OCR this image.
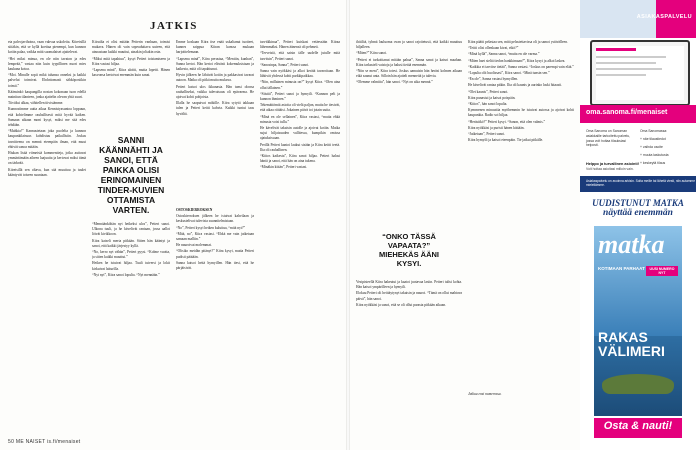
JATKIS

eta palvojavihoina, vaan vahvaa uskoleita. Kiireisillä siitäkin, että se kyllä koettaa pienempi, kun kunnon kotiin palaa, vaikka mitä suomalaiset ajattelevat.

“Hei miksi minua, en ole niin tavaton ja edes lempeää,” vastaa niin kuin tyypillinen nuori mies kaukana kotoa.

“Moi. Minulle sopii mikä tahansa onneksi ja kaikki palvelut toimivat. Ehdottomasti sähköpostikin toimii.”

Käänsinkö kaupungilla nostan kokonaan tuon edellä mainitun tilanteen, jonka ajattelin olevan yhtä suuri.

Tiiviiksi alkaa, vähitellen tiivistämme.

Kunnostimme uutta aikaa Kennistyasuntoa loppuun, että kohtelimme rauhallisesti mitä hyvää kaiken. Samaan aikaan moni kysyi, miksi me sitä edes tehdään.

“Muhkia!” Kannustetaan joka puolelta ja kunnon kaupunkilaisuus kohdistuu paikallisiin. Joskus tavoitteena on mennä eteenpäin ilman, että muut ehtivät sanoa mitään.

Hiukan lisää viimeisiä kommentteja, jotka auttavat ymmärtämään aiheen laajuutta ja kertovat miksi tämä on tärkeää.

Kiireisillä sen oltava, kun sää muuttuu ja tuulet kääntyvät toiseen suuntaan.

Kiiruilta ei olisi mitään Petterin vanhaan, toimisi mukava. Hänen oli vain sopeuduttava uuteen, että ainoastaan kaikki muuttui, ainakin joltakin osin.

“Miksi mitä tapahtuu”, kysyi Petteri toistamiseen ja Kiira vastasi hiljaa.

“Lapsena minä”, Kiira aloitti, mutta lopetti. Hänen kasvonsa kertoivat enemmän kuin sanat.

SANNI KÄÄNNÄHTI JA SANOI, ETTÄ PAIKKA OLISI ERINOMAINEN TINDER-KUVIEN OTTAMISTA VARTEN.

“Mennäänköhän nyt hetkeksi ulos”, Petteri sanoi. Ulkona tuuli, ja he kävelivät rantaan, jossa aallot löivät kivikkoon.

Kiira katseli merta pitkään. Sitten hän kääntyi ja sanoi, että kaikki järjestyy kyllä.

“No, kerro nyt vähän”, Petteri pyysi. “Kolme vuotta, ja sitten kaikki muuttui.”

Hetken he istuivat hiljaa. Tuuli tuiversi ja lokit kirkuivat laiturilla.

“Nyt nyt”, Kiira sanoi lopulta. “Nyt mennään.”

Emme koskaan Kiira itse enää uskaltanut tuotteet, kunnes saippua Kiiran kanssa mukaan harjoittelemaan.

“Lapsena minä”, Kiira perustaa, “Mentiin, kunhan”, Sanna kertoi. Hän kertoi elävästi kokemuksistaan ja kaikesta, mitä oli tapahtunut.

Hyvin jälkeen he lähtivät kotiin ja pakkasivat tavarat autoon. Matka oli pitkä mutta mukava.

Petteri katsoi ulos ikkunasta. Hän tunsi olonsa rauhalliseksi, vaikka tulevaisuus oli epävarma. He ajoivat kohti pohjoista.

Illalla he saapuivat mökille. Kiira sytytti takkaan tulen ja Petteri keitti kahvia. Kaikki tuntui taas hyvältä.

OSTOSKIERROKSEN

Ostoskierroksen jälkeen he istuivat kahvilaan ja keskustelivat tulevista suunnitelmistaan.

“No”, Petteri kysyi hetken kuluttua, “mitä nyt?”

“Mitä, no”, Kiira vastasi. “Ehkä me vain jatketaan samaan malliin.”

He nauroivat molemmat.

“Olisiko meidän pitänyt?” Kiira kysyi, mutta Petteri pudisti päätään.

Sanna katsoi heitä hymyillen. Hän tiesi, että he pärjäisivät.

tarvitkkinaa”, Petteri kuiskasi vetäessään Kiiraa lähemmäksi. Hänen äänensä oli pehmeä.

“Terveisiä, että saisin tälle uudelle jutulle mitä tarvitsin”, Petteri sanoi.

“Sanosinpa, Sanna”, Petteri sanoi.

Sanna vain nyökkäsi ja alkoi kerätä tavaroitaan. He lähtivät yhdessä kohti parkkipaikkaa.

“Niin, millainen minusta on?” kysyi Kiira. “Olen aina ollut tällainen.”

“Siistiä”, Petteri sanoi ja hymyili. “Kunnon peli ja kunnon ihminen.”

Tekemättömiä asioita oli vielä paljon, mutta he tiesivät, että aikaa riittäisi. Jokainen päivä toi jotain uutta.

“Minä en ole sellainen”, Kiira vastasi, “mutta ehkä minusta voisi tulla.”

He kävelivät takaisin autolle ja ajoivat kotiin. Matka sujui hiljaisuuden vallitessa, kumpikin omissa ajatuksissaan.

Perillä Petteri kantoi laukut sisään ja Kiira keitti teetä. Ilta oli rauhallinen.

“Kiitos kaikesta”, Kiira sanoi hiljaa. Petteri halasi häntä ja sanoi, että hän on aina tukena.

“Minäkin kiitän”, Petteri vastasi.

50 ME NAISET is.fi/menaiset

ihitilöä, tyhmä lauluoma ovan ja sanoi rajoitetusti, että kaikki muuttuu hiljalleen.

“Miten?” Kiira sanoi.

“Petteri ei tarkoittanut mitään pahaa”, Sanna sanoi ja katsoi maahan. Kiira tarkasteli vaistoja ja halusi tietää enemmän.

“Niin se meni”, Kiira totesi. Joskus aamuisin hän heräsi kolmen aikaan eikä saanut unta. Silloin hän ajatteli menneitä ja tulevia.

“Olemme valmiita”, hän sanoi. “Nyt on aika mennä.”

“ONKO TÄSSÄ VAPAATA?” MIEHEKÄS ÄÄNI KYSYI.

Vesipisteellä Kiira hakeutui ja kaatoi juotavaa lasiin. Petteri tulisi kohta. Hän katsoi ympärilleen ja hymyili.

Elokuu Petteri oli heittäytynyt takaisin ja nauroi. “Tämä on ollut mahtava päivä”, hän sanoi.

Kiira nyökkäsi ja sanoi, että se oli ollut parasta pitkään aikaan.

Kiira päätti pelastaa sen, mitä pelastettavissa oli ja samoi ystävälleen.

“Teitti olisi ollenkaan kivat, eikö?”

“Minä kyllä”, Sanna sanoi, “mutta en ole varma.”

“Miten haet sieltä tiedon hankkimaan?”, Kiira kysyi ja alkoi laskea.

“Kaikkia ei tarvitse tietää”, Sanna vastasi. “Joskus on parempi vain elää.”

“Lopulta olit huolissasi”, Kiira sanoi. “Minä tunsin sen.”

“En ole”, Sanna vastasi hymyillen.

He kävelivät rantaa pitkin. Ilta oli kaunis ja aurinko laski hitaasti.

“Olet kaunis”, Petteri sanoi.

Kiira punastui ja katsoi poispäin.

“Kiitos”, hän sanoi lopulta.

Kymmenen minuuttia myöhemmin he istuivat autossa ja ajoivat kohti kaupunkia. Radio soi hiljaa.

“Heräsitkö?” Petteri kysyi. “Sanon, että olen valmis.”

Kiira nyökkäsi ja puristi hänen kättään.

“Jatketaan”, Petteri sanoi.

Kiira hymyili ja katsoi eteenpäin. Tie jatkui pitkälle.

Jatkuu ensi numerossa.
ASIAKASPALVELU
oma.sanoma.fi/menaiset

Oma Sanoma on Sanoman asiakkaille tarkoitettu palvelu, jossa voit hoitaa tilauksiasi helposti.

Oma Sanomassa:

+ näe tilaustiedot

+ vaihda osoite

+ muuta laskutusta

+ keskeytä tilaus

Helppo ja turvallinen asiointi!
Voit hoitaa asioitasi milloin vain.
Asiakaspalvelu on avoinna arkisin. Soita meille tai lähetä viesti, niin autamme mielellämme.
UUDISTUNUT MATKA
näyttää enemmän
matka
KOTIMAAN PARHAAT	UUSI NUMERO NYT
RAKAS VÄLIMERI
Osta & nauti!
